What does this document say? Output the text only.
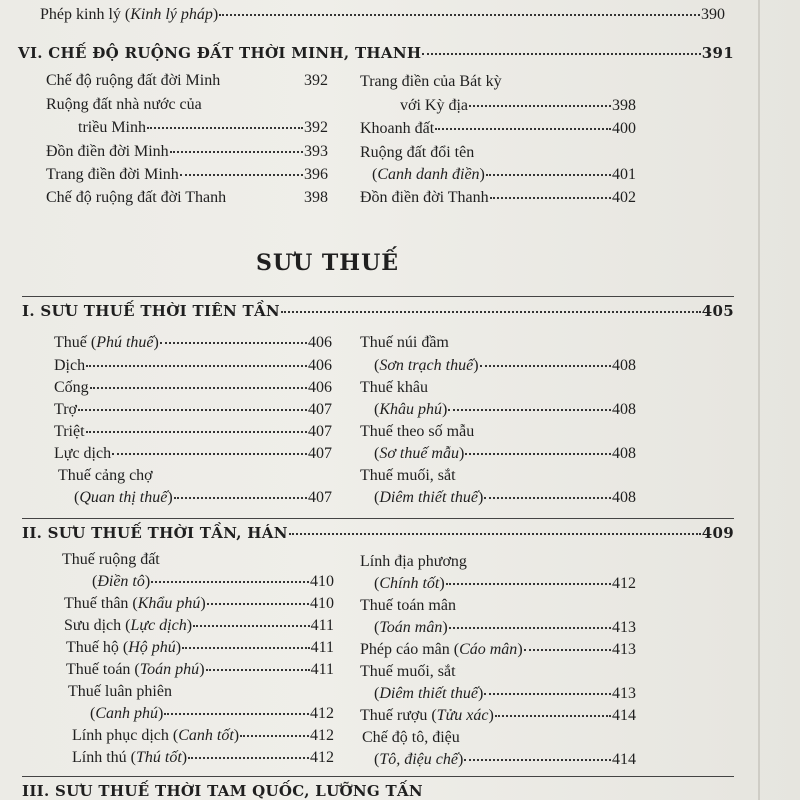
Phép kinh lý (Kinh lý pháp)	390
VI. CHẾ ĐỘ RUỘNG ĐẤT THỜI MINH, THANH	391
Chế độ ruộng đất đời Minh	392
Ruộng đất nhà nước của
triều Minh	392
Đồn điền đời Minh	393
Trang điền đời Minh	396
Chế độ ruộng đất đời Thanh	398
Trang điền của Bát kỳ
với Kỳ địa	398
Khoanh đất	400
Ruộng đất đổi tên
(Canh danh điền)	401
Đồn điền đời Thanh	402
SƯU THUẾ
I. SƯU THUẾ THỜI TIÊN TẦN	405
Thuế (Phú thuế)	406
Dịch	406
Cống	406
Trợ	407
Triệt	407
Lực dịch	407
Thuế cảng chợ
(Quan thị thuế)	407
Thuế núi đầm
(Sơn trạch thuế)	408
Thuế khâu
(Khâu phú)	408
Thuế theo số mẫu
(Sơ thuế mẫu)	408
Thuế muối, sắt
(Diêm thiết thuế)	408
II. SƯU THUẾ THỜI TẦN, HÁN	409
Thuế ruộng đất
(Điền tô)	410
Thuế thân (Khẩu phú)	410
Sưu dịch (Lực dịch)	411
Thuế hộ (Hộ phú)	411
Thuế toán (Toán phú)	411
Thuế luân phiên
(Canh phú)	412
Lính phục dịch (Canh tốt)	412
Lính thú (Thú tốt)	412
Lính địa phương
(Chính tốt)	412
Thuế toán mân
(Toán mân)	413
Phép cáo mân (Cáo mân)	413
Thuế muối, sắt
(Diêm thiết thuế)	413
Thuế rượu (Tửu xác)	414
Chế độ tô, điệu
(Tô, điệu chế)	414
III. SƯU THUẾ THỜI TAM QUỐC, LƯỠNG TẤN
